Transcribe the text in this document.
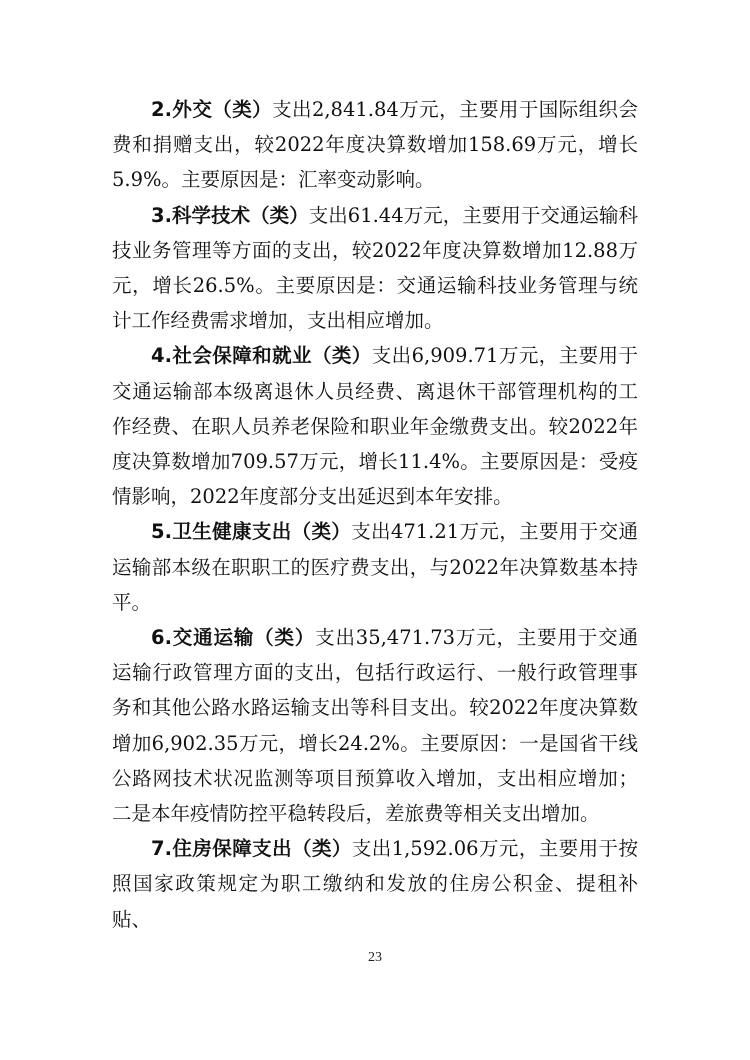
2.外交（类）支出2,841.84万元，主要用于国际组织会费和捐赠支出，较2022年度决算数增加158.69万元，增长5.9%。主要原因是：汇率变动影响。

3.科学技术（类）支出61.44万元，主要用于交通运输科技业务管理等方面的支出，较2022年度决算数增加12.88万元，增长26.5%。主要原因是：交通运输科技业务管理与统计工作经费需求增加，支出相应增加。

4.社会保障和就业（类）支出6,909.71万元，主要用于交通运输部本级离退休人员经费、离退休干部管理机构的工作经费、在职人员养老保险和职业年金缴费支出。较2022年度决算数增加709.57万元，增长11.4%。主要原因是：受疫情影响，2022年度部分支出延迟到本年安排。

5.卫生健康支出（类）支出471.21万元，主要用于交通运输部本级在职职工的医疗费支出，与2022年决算数基本持平。

6.交通运输（类）支出35,471.73万元，主要用于交通运输行政管理方面的支出，包括行政运行、一般行政管理事务和其他公路水路运输支出等科目支出。较2022年度决算数增加6,902.35万元，增长24.2%。主要原因：一是国省干线公路网技术状况监测等项目预算收入增加，支出相应增加；二是本年疫情防控平稳转段后，差旅费等相关支出增加。

7.住房保障支出（类）支出1,592.06万元，主要用于按照国家政策规定为职工缴纳和发放的住房公积金、提租补贴、

23
